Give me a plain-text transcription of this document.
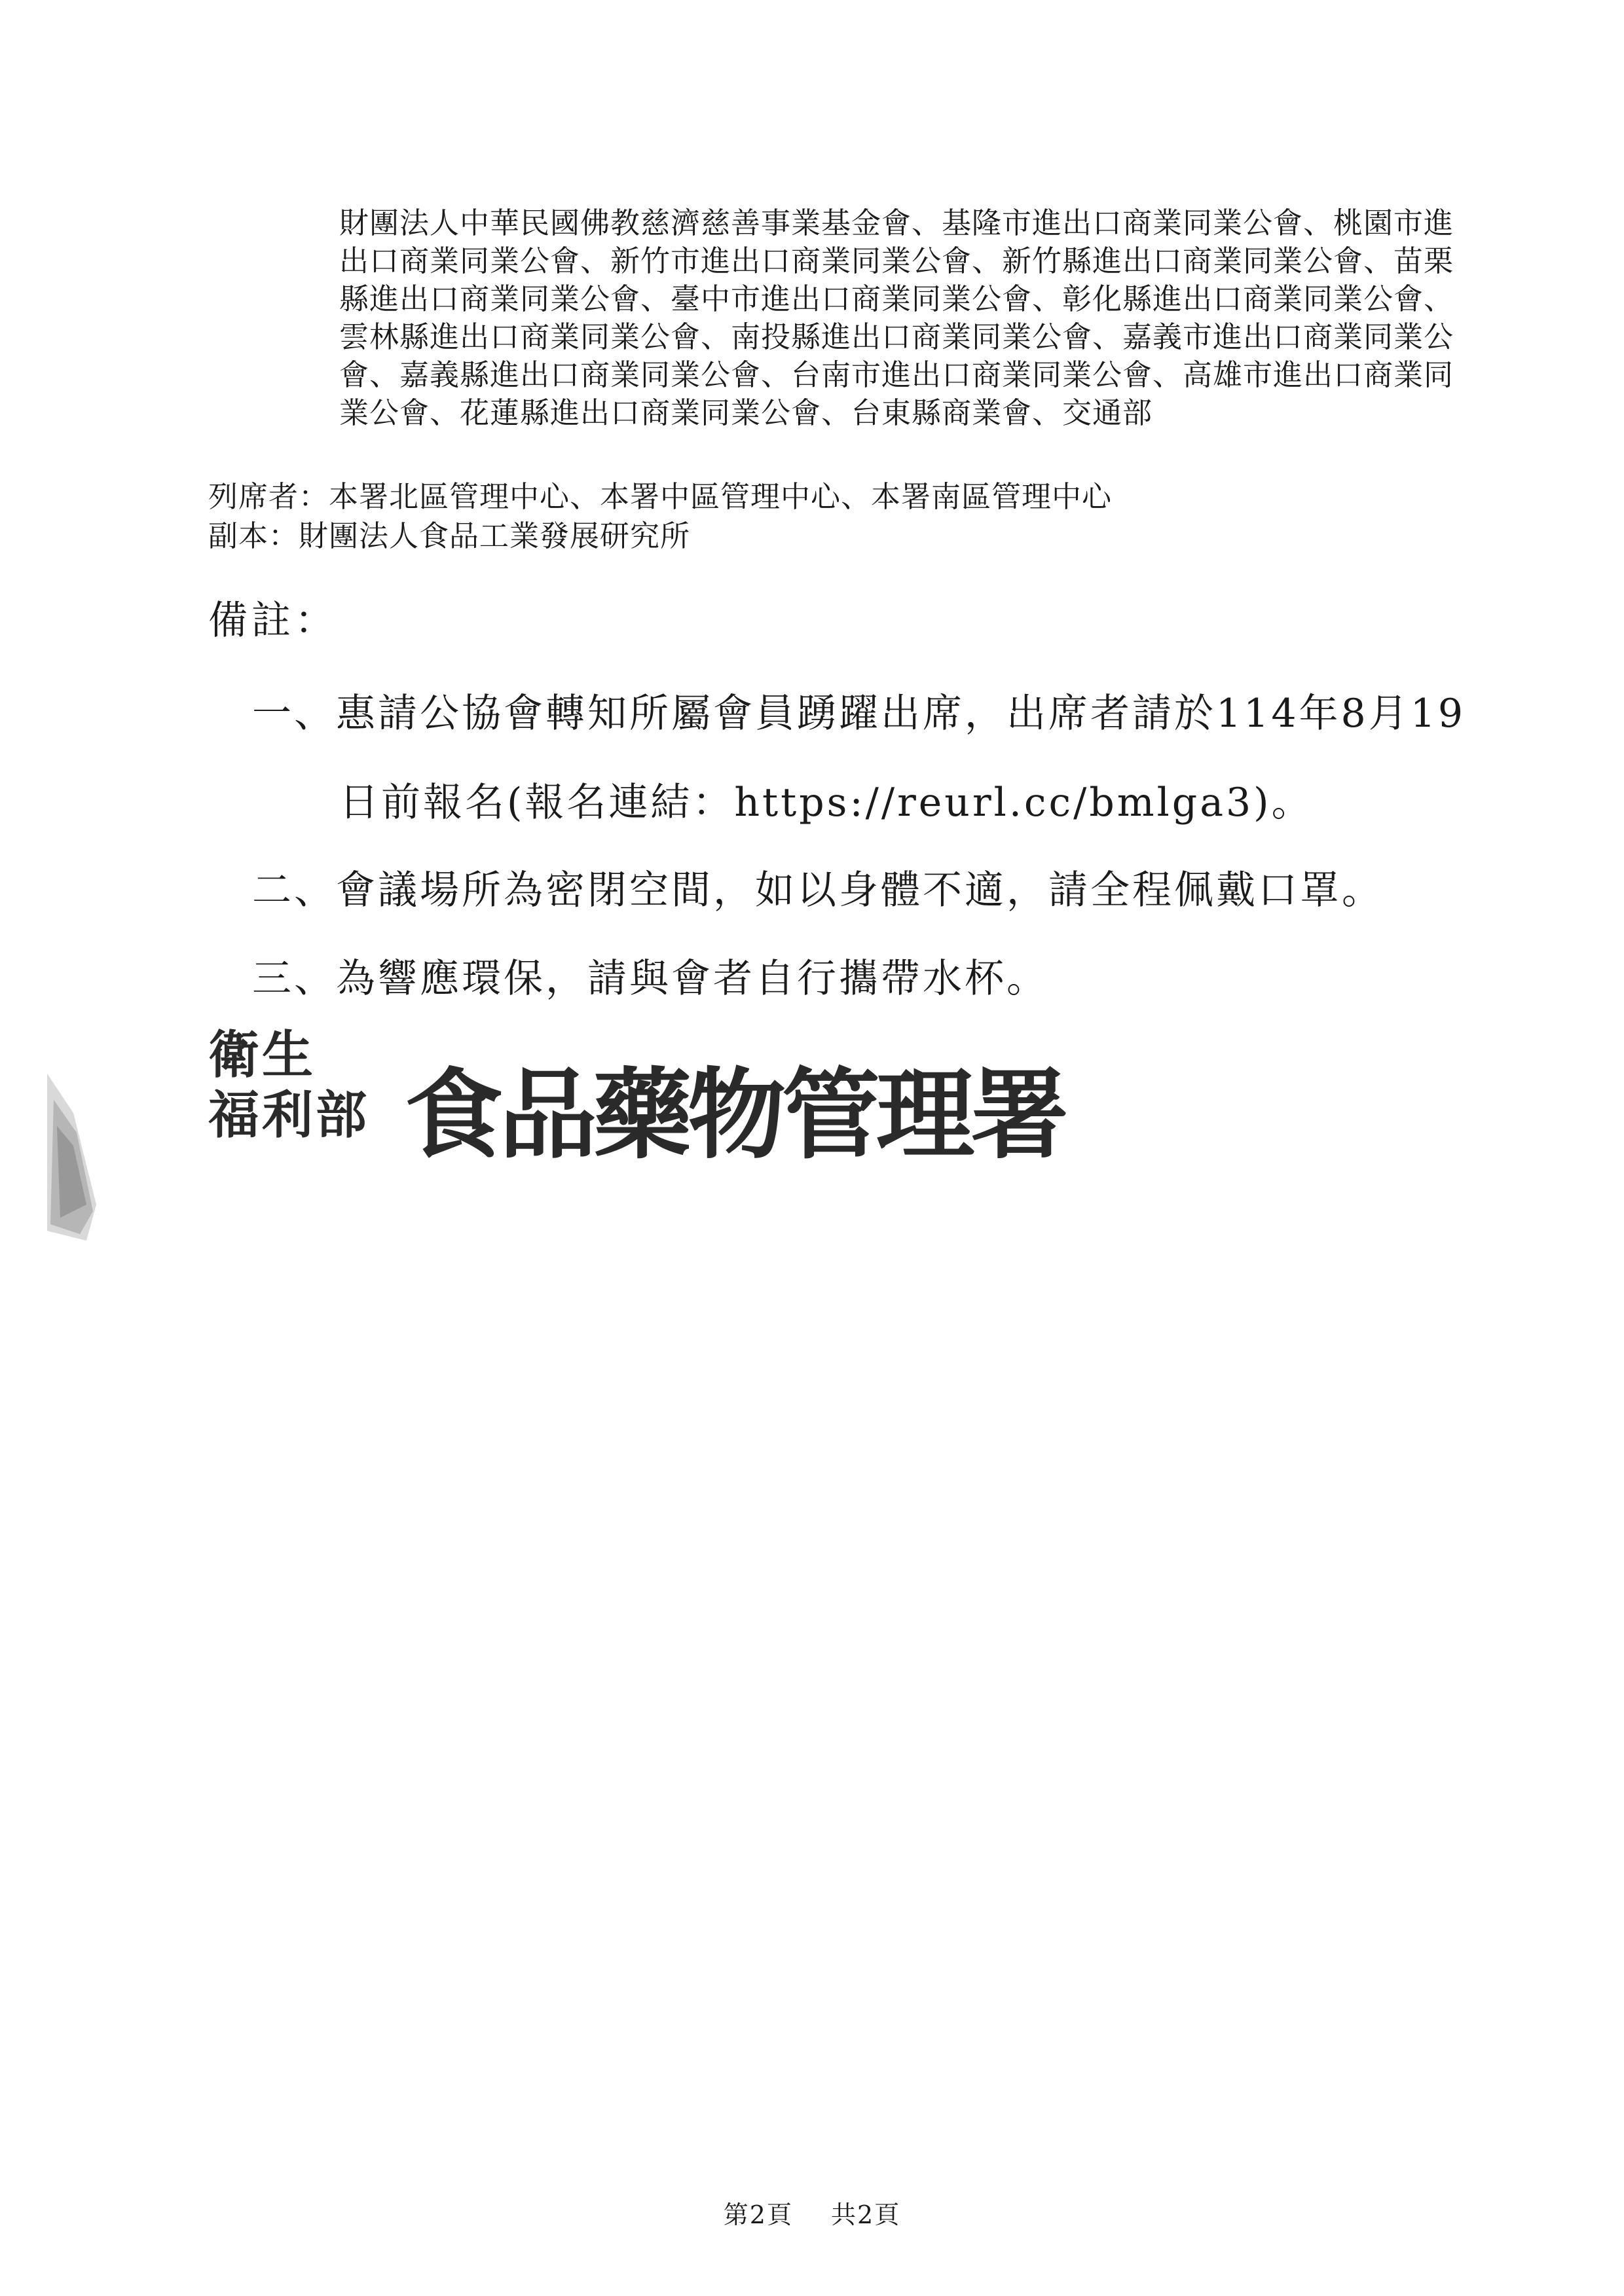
財團法人中華民國佛教慈濟慈善事業基金會、基隆市進出口商業同業公會、桃園市進出口商業同業公會、新竹市進出口商業同業公會、新竹縣進出口商業同業公會、苗栗縣進出口商業同業公會、臺中市進出口商業同業公會、彰化縣進出口商業同業公會、雲林縣進出口商業同業公會、南投縣進出口商業同業公會、嘉義市進出口商業同業公會、嘉義縣進出口商業同業公會、台南市進出口商業同業公會、高雄市進出口商業同業公會、花蓮縣進出口商業同業公會、台東縣商業會、交通部
列席者：本署北區管理中心、本署中區管理中心、本署南區管理中心
副本：財團法人食品工業發展研究所
備註：
一、惠請公協會轉知所屬會員踴躍出席，出席者請於114年8月19
日前報名(報名連結：https://reurl.cc/bmlga3)。
二、會議場所為密閉空間，如以身體不適，請全程佩戴口罩。
三、為響應環保，請與會者自行攜帶水杯。
衛生
福利部 食品藥物管理署
第2頁 共2頁
